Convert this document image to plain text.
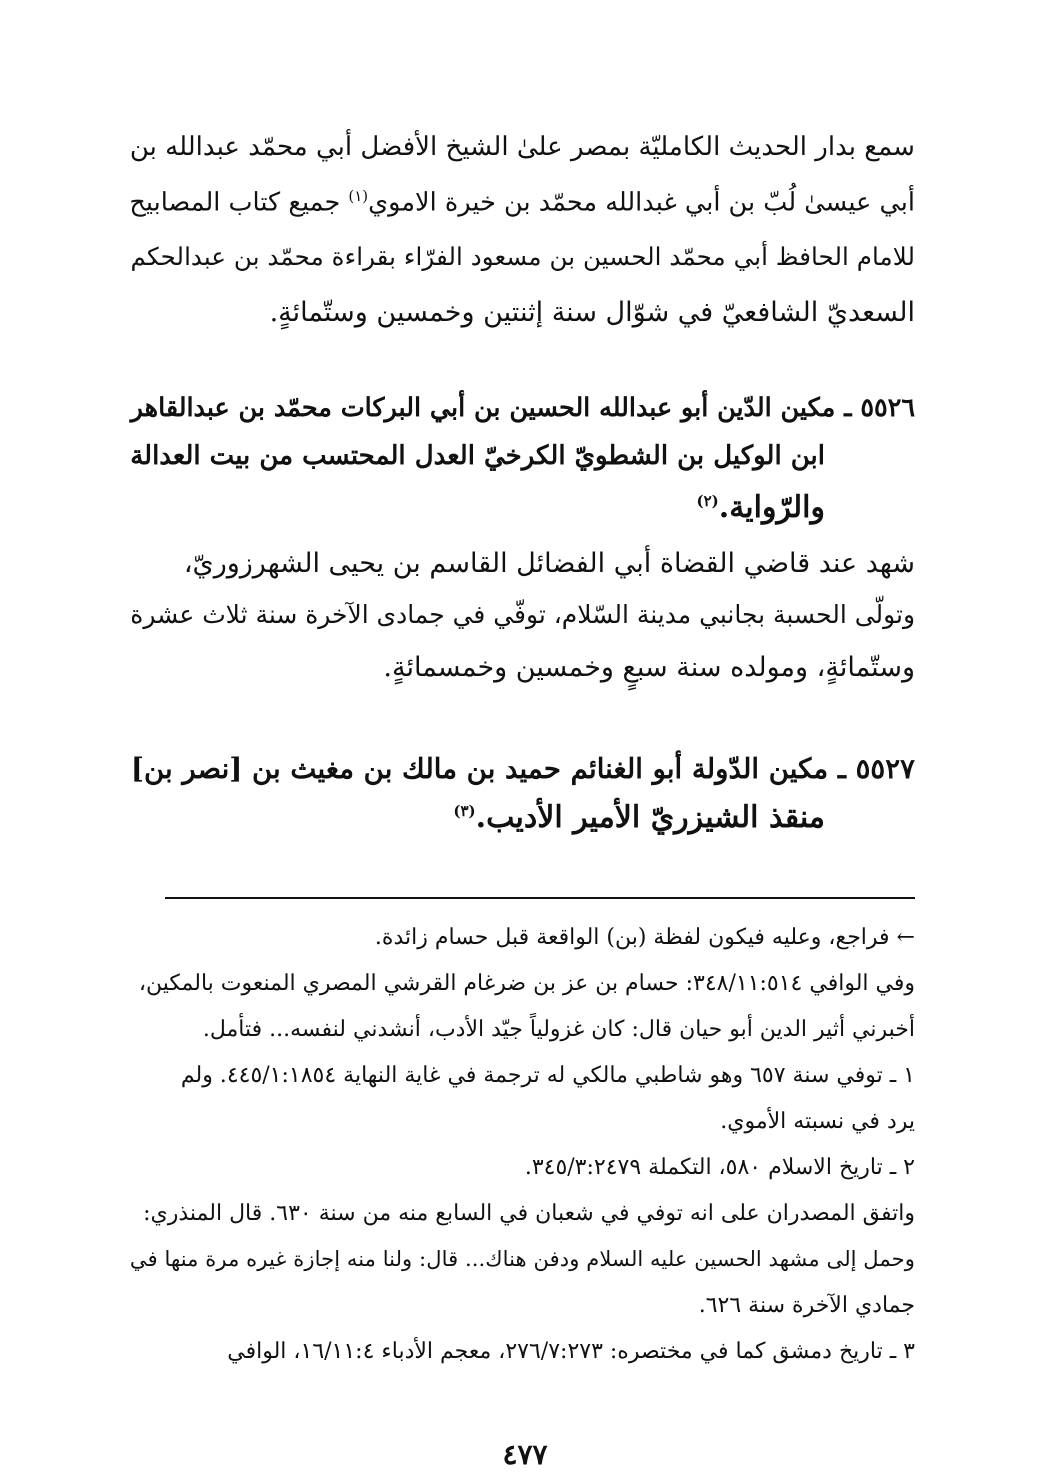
سمع بدار الحديث الكامليّة بمصر علىٰ الشيخ الأفضل أبي محمّد عبدالله بن
أبي عيسىٰ لُبّ بن أبي غبدالله محمّد بن خيرة الاموي$^{(١)}$ جميع كتاب المصابيح
للامام الحافظ أبي محمّد الحسين بن مسعود الفرّاء بقراءة محمّد بن عبدالحكم
السعديّ الشافعيّ في شوّال سنة إثنتين وخمسين وستّمائةٍ.
٥٥٢٦ ـ مكين الدّين أبو عبدالله الحسين بن أبي البركات محمّد بن عبدالقاهر
ابن الوكيل بن الشطويّ الكرخيّ العدل المحتسب من بيت العدالة
والرّواية.$^{(٢)}$
شهد عند قاضي القضاة أبي الفضائل القاسم بن يحيى الشهرزوريّ،
وتولّى الحسبة بجانبي مدينة السّلام، توفّي في جمادى الآخرة سنة ثلاث عشرة
وستّمائةٍ، ومولده سنة سبعٍ وخمسين وخمسمائةٍ.
٥٥٢٧ ـ مكين الدّولة أبو الغنائم حميد بن مالك بن مغيث بن [نصر بن]
منقذ الشيزريّ الأمير الأديب.$^{(٣)}$
← فراجع، وعليه فيكون لفظة (بن) الواقعة قبل حسام زائدة.
وفي الوافي ٣٤٨/١١:٥١٤: حسام بن عز بن ضرغام القرشي المصري المنعوت بالمكين،
أخبرني أثير الدين أبو حيان قال: كان غزولياً جيّد الأدب، أنشدني لنفسه... فتأمل.
١ ـ توفي سنة ٦٥٧ وهو شاطبي مالكي له ترجمة في غاية النهاية ٤٤٥/١:١٨٥٤. ولم
يرد في نسبته الأموي.
٢ ـ تاريخ الاسلام ٥٨٠، التكملة ٣٤٥/٣:٢٤٧٩.
واتفق المصدران على انه توفي في شعبان في السابع منه من سنة ٦٣٠. قال المنذري:
وحمل إلى مشهد الحسين عليه السلام ودفن هناك... قال: ولنا منه إجازة غيره مرة منها في
جمادي الآخرة سنة ٦٢٦.
٣ ـ تاريخ دمشق كما في مختصره: ٢٧٦/٧:٢٧٣، معجم الأدباء ١٦/١١:٤، الوافي
٤٧٧
